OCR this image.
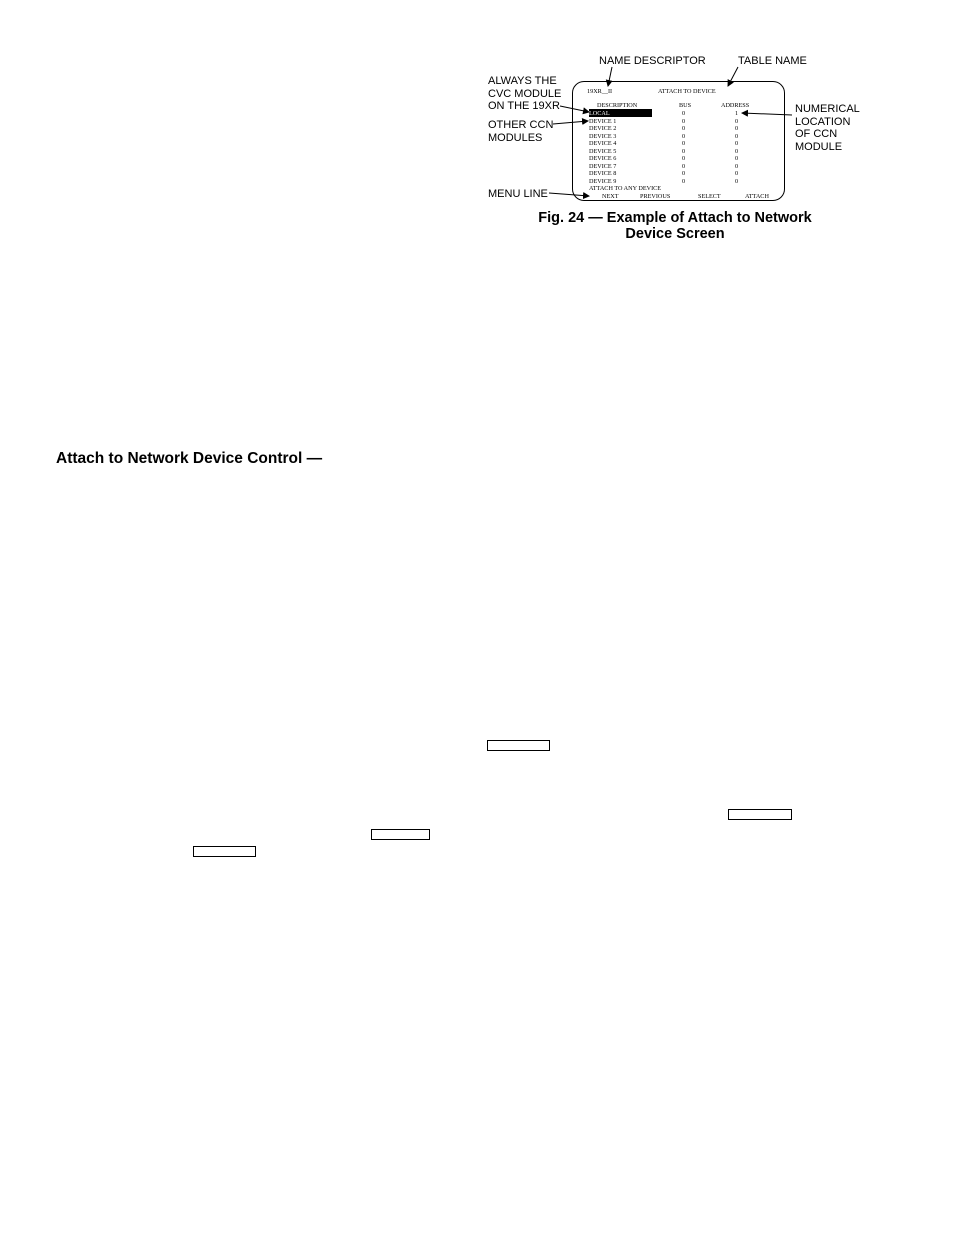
NAME DESCRIPTOR	TABLE NAME
ALWAYS THE
CVC MODULE
ON THE 19XR
OTHER CCN
MODULES
MENU LINE
NUMERICAL
LOCATION
OF CCN
MODULE
19XR__II	ATTACH TO DEVICE
DESCRIPTION	BUS	ADDRESS
LOCAL	0	1
DEVICE 1	0	0
DEVICE 2	0	0
DEVICE 3	0	0
DEVICE 4	0	0
DEVICE 5	0	0
DEVICE 6	0	0
DEVICE 7	0	0
DEVICE 8	0	0
DEVICE 9	0	0
ATTACH TO ANY DEVICE
NEXT	PREVIOUS	SELECT	ATTACH
Fig. 24 — Example of Attach to Network
Device Screen
Attach to Network Device Control —
